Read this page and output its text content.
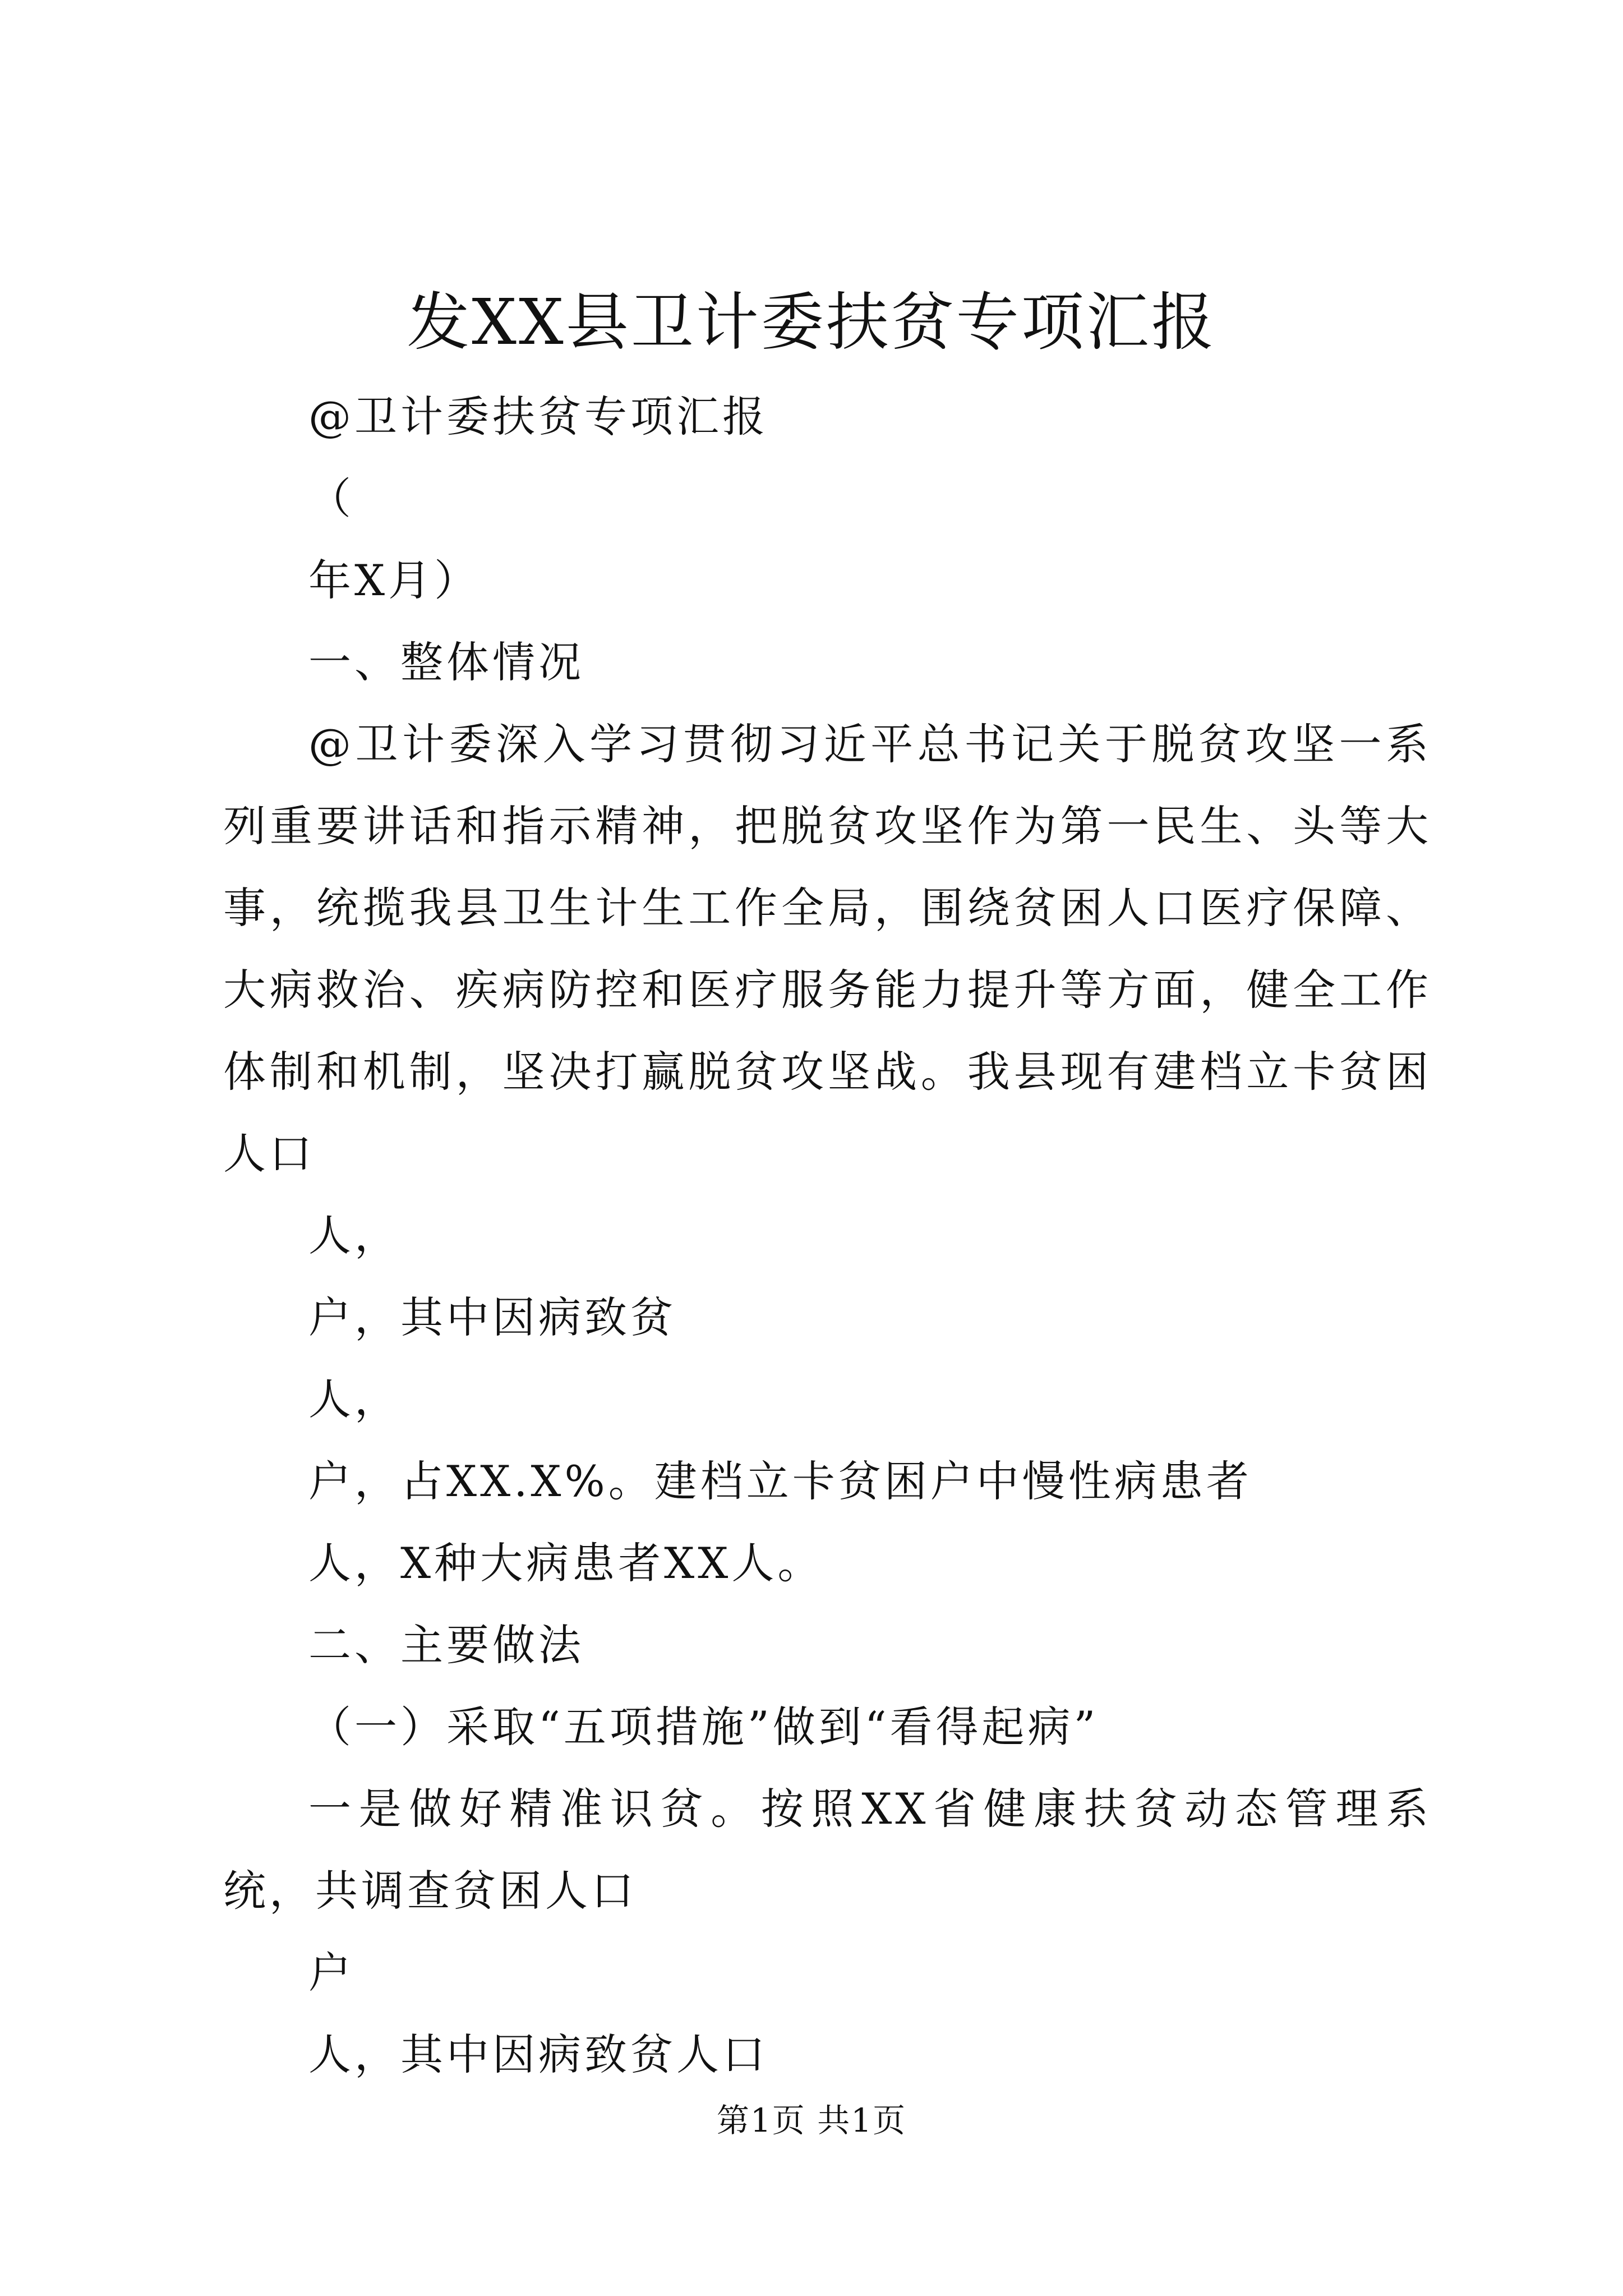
发XX县卫计委扶贫专项汇报

@卫计委扶贫专项汇报

（

年X月）

一、整体情况

@卫计委深入学习贯彻习近平总书记关于脱贫攻坚一系列重要讲话和指示精神，把脱贫攻坚作为第一民生、头等大事，统揽我县卫生计生工作全局，围绕贫困人口医疗保障、大病救治、疾病防控和医疗服务能力提升等方面，健全工作体制和机制，坚决打赢脱贫攻坚战。我县现有建档立卡贫困人口

人，

户，其中因病致贫

人，

户，占XX.X%。建档立卡贫困户中慢性病患者

人，X种大病患者XX人。

二、主要做法

（一）采取“五项措施”做到“看得起病”

一是做好精准识贫。按照XX省健康扶贫动态管理系统，共调查贫困人口

户

人，其中因病致贫人口

第1页 共1页
